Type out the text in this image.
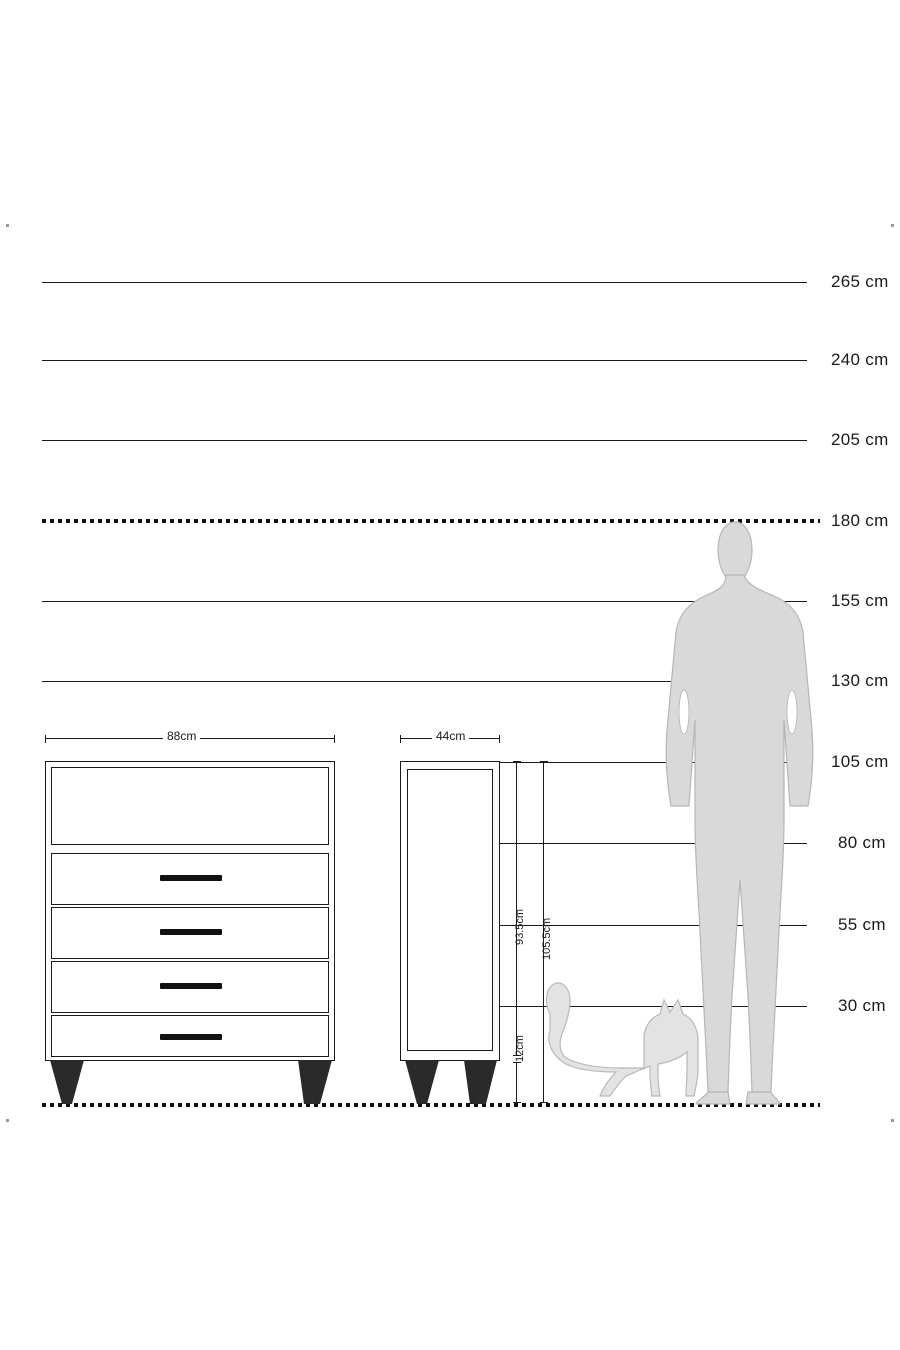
265 cm
240 cm
205 cm
180 cm
155 cm
130 cm
105 cm
80 cm
55 cm
30 cm
88cm	44cm
93.5cm 105.5cm
12cm
